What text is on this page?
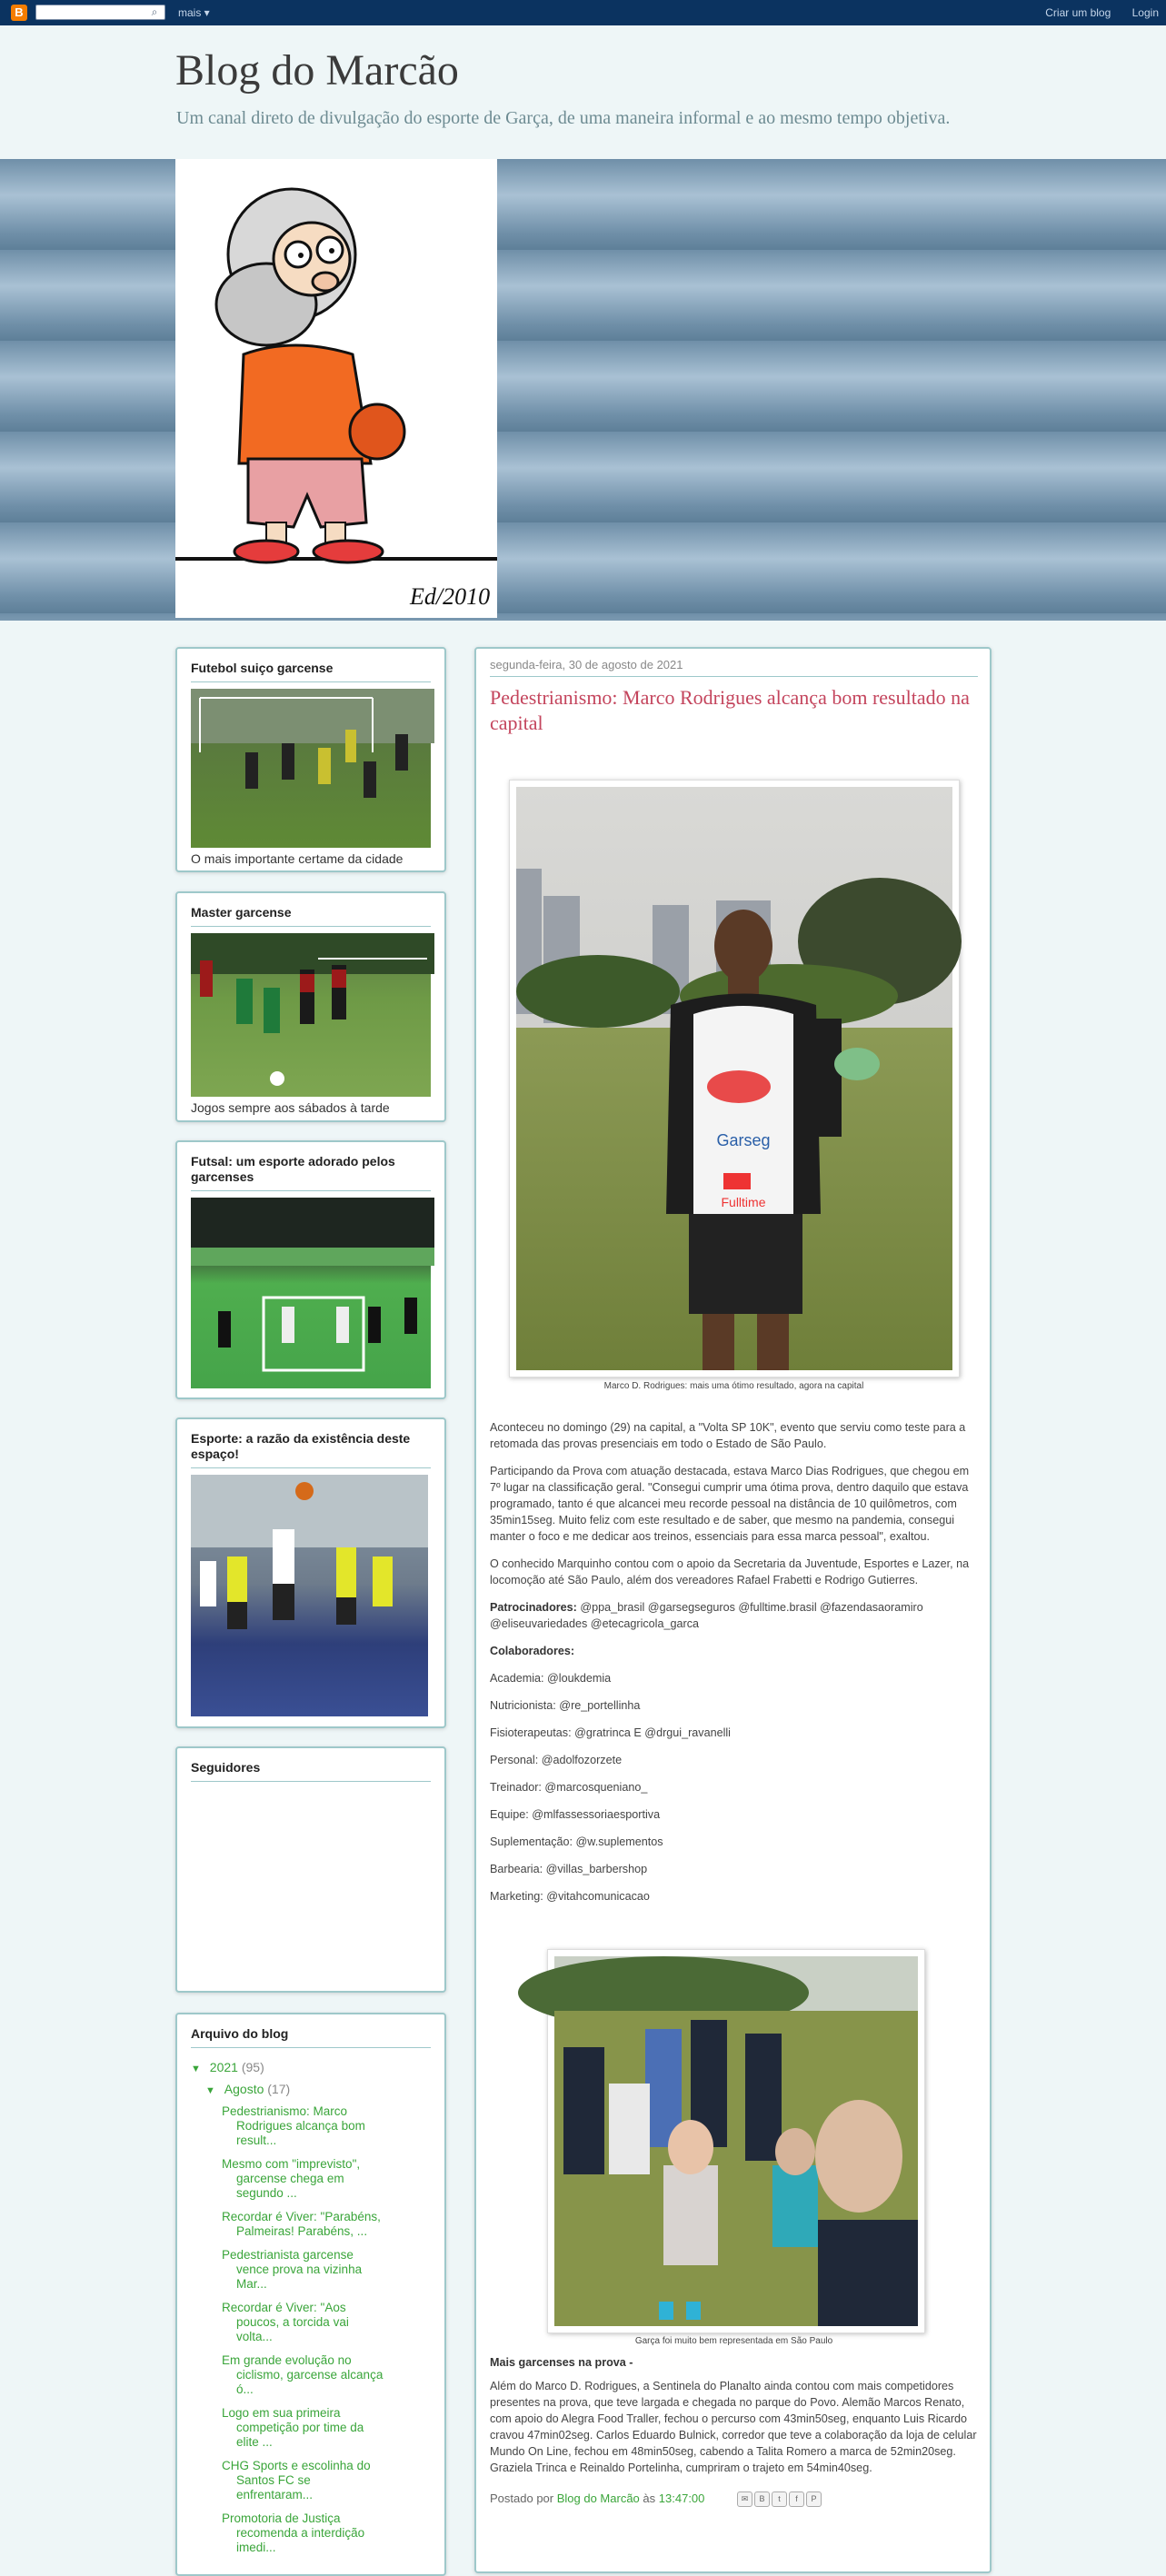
B	⌕	mais ▾	Criar um blog Login
Blog do Marcão
Um canal direto de divulgação do esporte de Garça, de uma maneira informal e ao mesmo tempo objetiva.
Ed/2010
Futebol suiço garcense
O mais importante certame da cidade
Master garcense
Jogos sempre aos sábados à tarde
Futsal: um esporte adorado pelos garcenses
Esporte: a razão da existência deste espaço!
Seguidores
Arquivo do blog
▼ 2021 (95)
▼ Agosto (17)
Pedestrianismo: Marco
Rodrigues alcança bom
result...
Mesmo com "imprevisto",
garcense chega em
segundo ...
Recordar é Viver: "Parabéns,
Palmeiras! Parabéns, ...
Pedestrianista garcense
vence prova na vizinha
Mar...
Recordar é Viver: "Aos
poucos, a torcida vai
volta...
Em grande evolução no
ciclismo, garcense alcança
ó...
Logo em sua primeira
competição por time da
elite ...
CHG Sports e escolinha do
Santos FC se
enfrentaram...
Promotoria de Justiça
recomenda a interdição
imedi...
segunda-feira, 30 de agosto de 2021
Pedestrianismo: Marco Rodrigues alcança bom resultado na capital
Garseg
Fulltime
Marco D. Rodrigues: mais uma ótimo resultado, agora na capital

Aconteceu no domingo (29) na capital, a "Volta SP 10K", evento que serviu como teste para a retomada das provas presenciais em todo o Estado de São Paulo.

Participando da Prova com atuação destacada, estava Marco Dias Rodrigues, que chegou em 7º lugar na classificação geral. "Consegui cumprir uma ótima prova, dentro daquilo que estava programado, tanto é que alcancei meu recorde pessoal na distância de 10 quilômetros, com 35min15seg. Muito feliz com este resultado e de saber, que mesmo na pandemia, consegui manter o foco e me dedicar aos treinos, essenciais para essa marca pessoal", exaltou.

O conhecido Marquinho contou com o apoio da Secretaria da Juventude, Esportes e Lazer, na locomoção até São Paulo, além dos vereadores Rafael Frabetti e Rodrigo Gutierres.

Patrocinadores: @ppa_brasil @garsegseguros @fulltime.brasil @fazendasaoramiro @eliseuvariedades @etecagricola_garca

Colaboradores:

Academia: @loukdemia

Nutricionista: @re_portellinha

Fisioterapeutas: @gratrinca E @drgui_ravanelli

Personal: @adolfozorzete

Treinador: @marcosqueniano_

Equipe: @mlfassessoriaesportiva

Suplementação: @w.suplementos

Barbearia: @villas_barbershop

Marketing: @vitahcomunicacao

Garça foi muito bem representada em São Paulo

Mais garcenses na prova -

Além do Marco D. Rodrigues, a Sentinela do Planalto ainda contou com mais competidores presentes na prova, que teve largada e chegada no parque do Povo. Alemão Marcos Renato, com apoio do Alegra Food Traller, fechou o percurso com 43min50seg, enquanto Luis Ricardo cravou 47min02seg. Carlos Eduardo Bulnick, corredor que teve a colaboração da loja de celular Mundo On Line, fechou em 48min50seg, cabendo a Talita Romero a marca de 52min20seg. Graziela Trinca e Reinaldo Portelinha, cumpriram o trajeto em 54min40seg.

Postado por Blog do Marcão às 13:47:00	✉ B t f P
